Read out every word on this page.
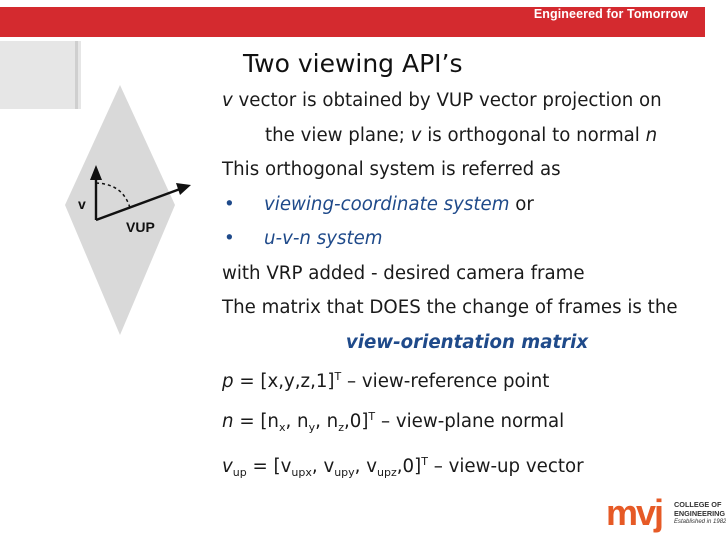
Engineered for Tomorrow
Two viewing API’s
v
VUP

v vector is obtained by VUP vector projection on

the view plane; v is orthogonal to normal n

This orthogonal system is referred as

• viewing-coordinate system or

• u-v-n system

with VRP added - desired camera frame

The matrix that DOES the change of frames is the

view-orientation matrix

$p = [x,y,z,1]^T$ – view-reference point

$n = [n_x$, $n_y$, $n_z,0]^T$ – view-plane normal

$v_{up} = [v_{upx}$, $v_{upy}$, $v_{upz},0]^T$ – view-up vector

mvj COLLEGE OF
ENGINEERING
Established in 1982
